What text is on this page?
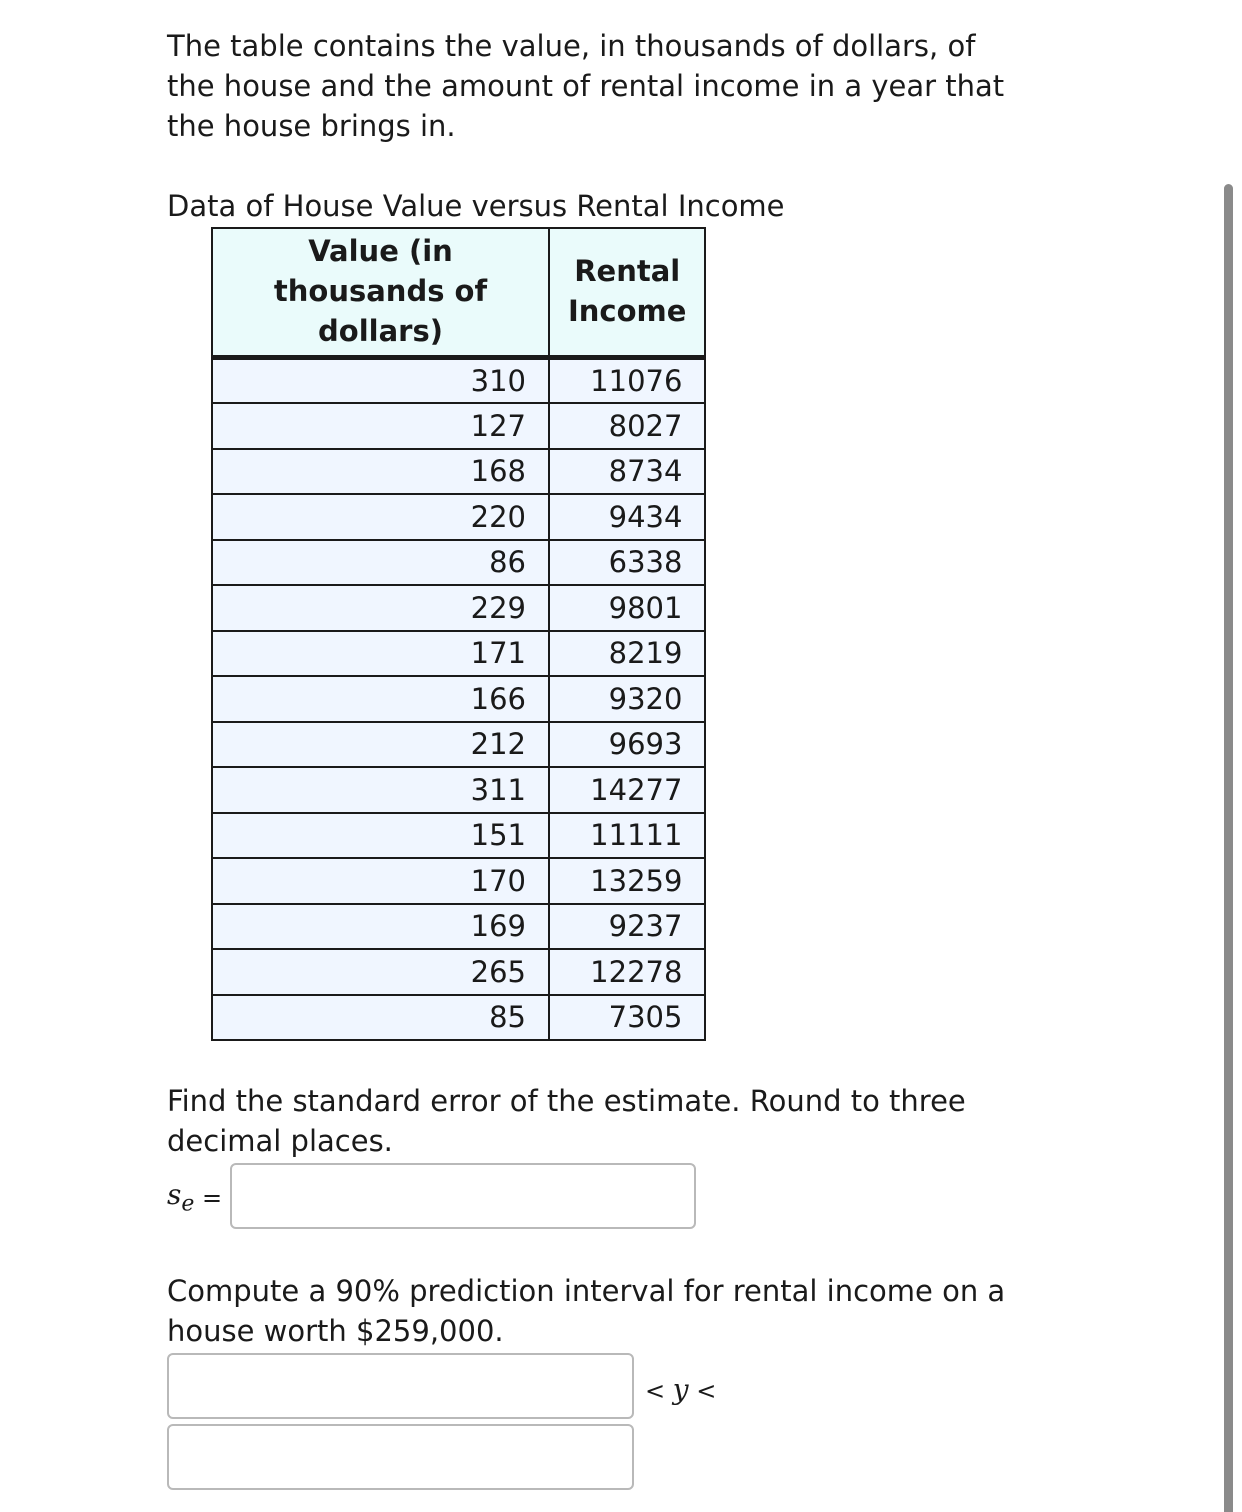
The table contains the value, in thousands of dollars, of the house and the amount of rental income in a year that the house brings in.

Data of House Value versus Rental Income
Value (in thousands of dollars)	Rental Income
310	11076
127	8027
168	8734
220	9434
86	6338
229	9801
171	8219
166	9320
212	9693
311	14277
151	11111
170	13259
169	9237
265	12278
85	7305
Find the standard error of the estimate. Round to three decimal places.
$s_e$ =
Compute a 90% prediction interval for rental income on a house worth $259,000.
< y <
